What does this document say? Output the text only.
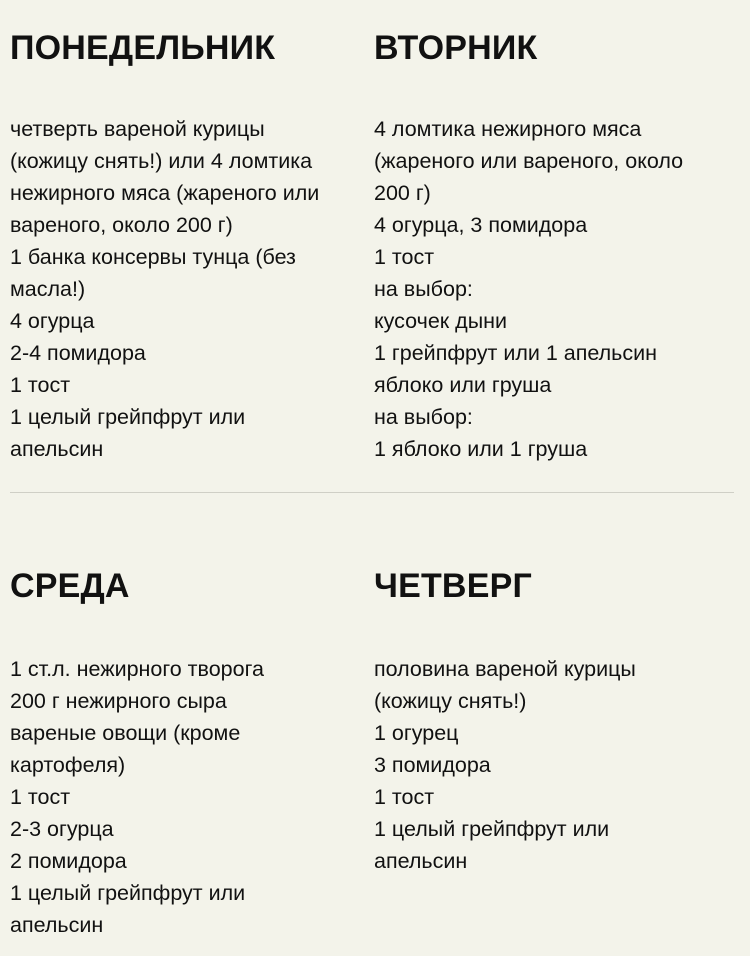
ПОНЕДЕЛЬНИК
четверть вареной курицы
(кожицу снять!) или 4 ломтика
нежирного мяса (жареного или
вареного, около 200 г)
1 банка консервы тунца (без
масла!)
4 огурца
2-4 помидора
1 тост
1 целый грейпфрут или
апельсин
ВТОРНИК
4 ломтика нежирного мяса
(жареного или вареного, около
200 г)
4 огурца, 3 помидора
1 тост
на выбор:
кусочек дыни
1 грейпфрут или 1 апельсин
яблоко или груша
на выбор:
1 яблоко или 1 груша
СРЕДА
1 ст.л. нежирного творога
200 г нежирного сыра
вареные овощи (кроме
картофеля)
1 тост
2-3 огурца
2 помидора
1 целый грейпфрут или
апельсин
ЧЕТВЕРГ
половина вареной курицы
(кожицу снять!)
1 огурец
3 помидора
1 тост
1 целый грейпфрут или
апельсин
